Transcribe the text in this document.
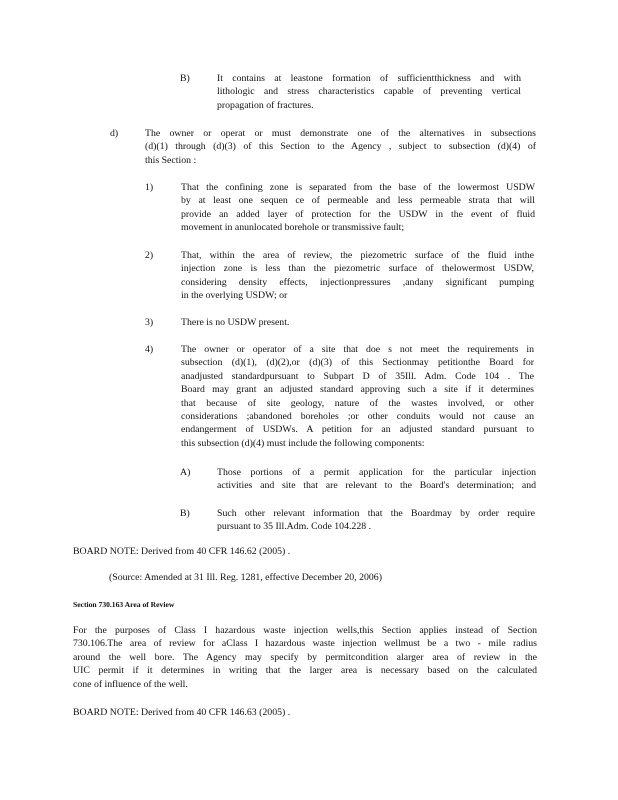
B)	It contains at leastone formation of sufficientthickness and with
lithologic and stress characteristics capable of preventing vertical
propagation of fractures.
d)	The owner or operat or must demonstrate one of the alternatives in subsections
(d)(1) through (d)(3) of this Section to the Agency , subject to subsection (d)(4) of
this Section :
1)	That the confining zone is separated from the base of the lowermost USDW
by at least one sequen ce of permeable and less permeable strata that will
provide an added layer of protection for the USDW in the event of fluid
movement in anunlocated borehole or transmissive fault;
2)	That, within the area of review, the piezometric surface of the fluid inthe
injection zone is less than the piezometric surface of thelowermost USDW,
considering density effects, injectionpressures ,andany significant pumping
in the overlying USDW; or
3)	There is no USDW present.
4)	The owner or operator of a site that doe s not meet the requirements in
subsection (d)(1), (d)(2),or (d)(3) of this Sectionmay petitionthe Board for
anadjusted standardpursuant to Subpart D of 35Ill. Adm. Code 104 . The
Board may grant an adjusted standard approving such a site if it determines
that because of site geology, nature of the wastes involved, or other
considerations ;abandoned boreholes ;or other conduits would not cause an
endangerment of USDWs. A petition for an adjusted standard pursuant to
this subsection (d)(4) must include the following components:
A)	Those portions of a permit application for the particular injection
activities and site that are relevant to the Board's determination; and
B)	Such other relevant information that the Boardmay by order require
pursuant to 35 Ill.Adm. Code 104.228 .
BOARD NOTE: Derived from 40 CFR 146.62 (2005) .
(Source: Amended at 31 Ill. Reg. 1281, effective December 20, 2006)
Section 730.163 Area of Review
For the purposes of Class I hazardous waste injection wells,this Section applies instead of Section
730.106.The area of review for aClass I hazardous waste injection wellmust be a two - mile radius
around the well bore. The Agency may specify by permitcondition alarger area of review in the
UIC permit if it determines in writing that the larger area is necessary based on the calculated
cone of influence of the well.
BOARD NOTE: Derived from 40 CFR 146.63 (2005) .
